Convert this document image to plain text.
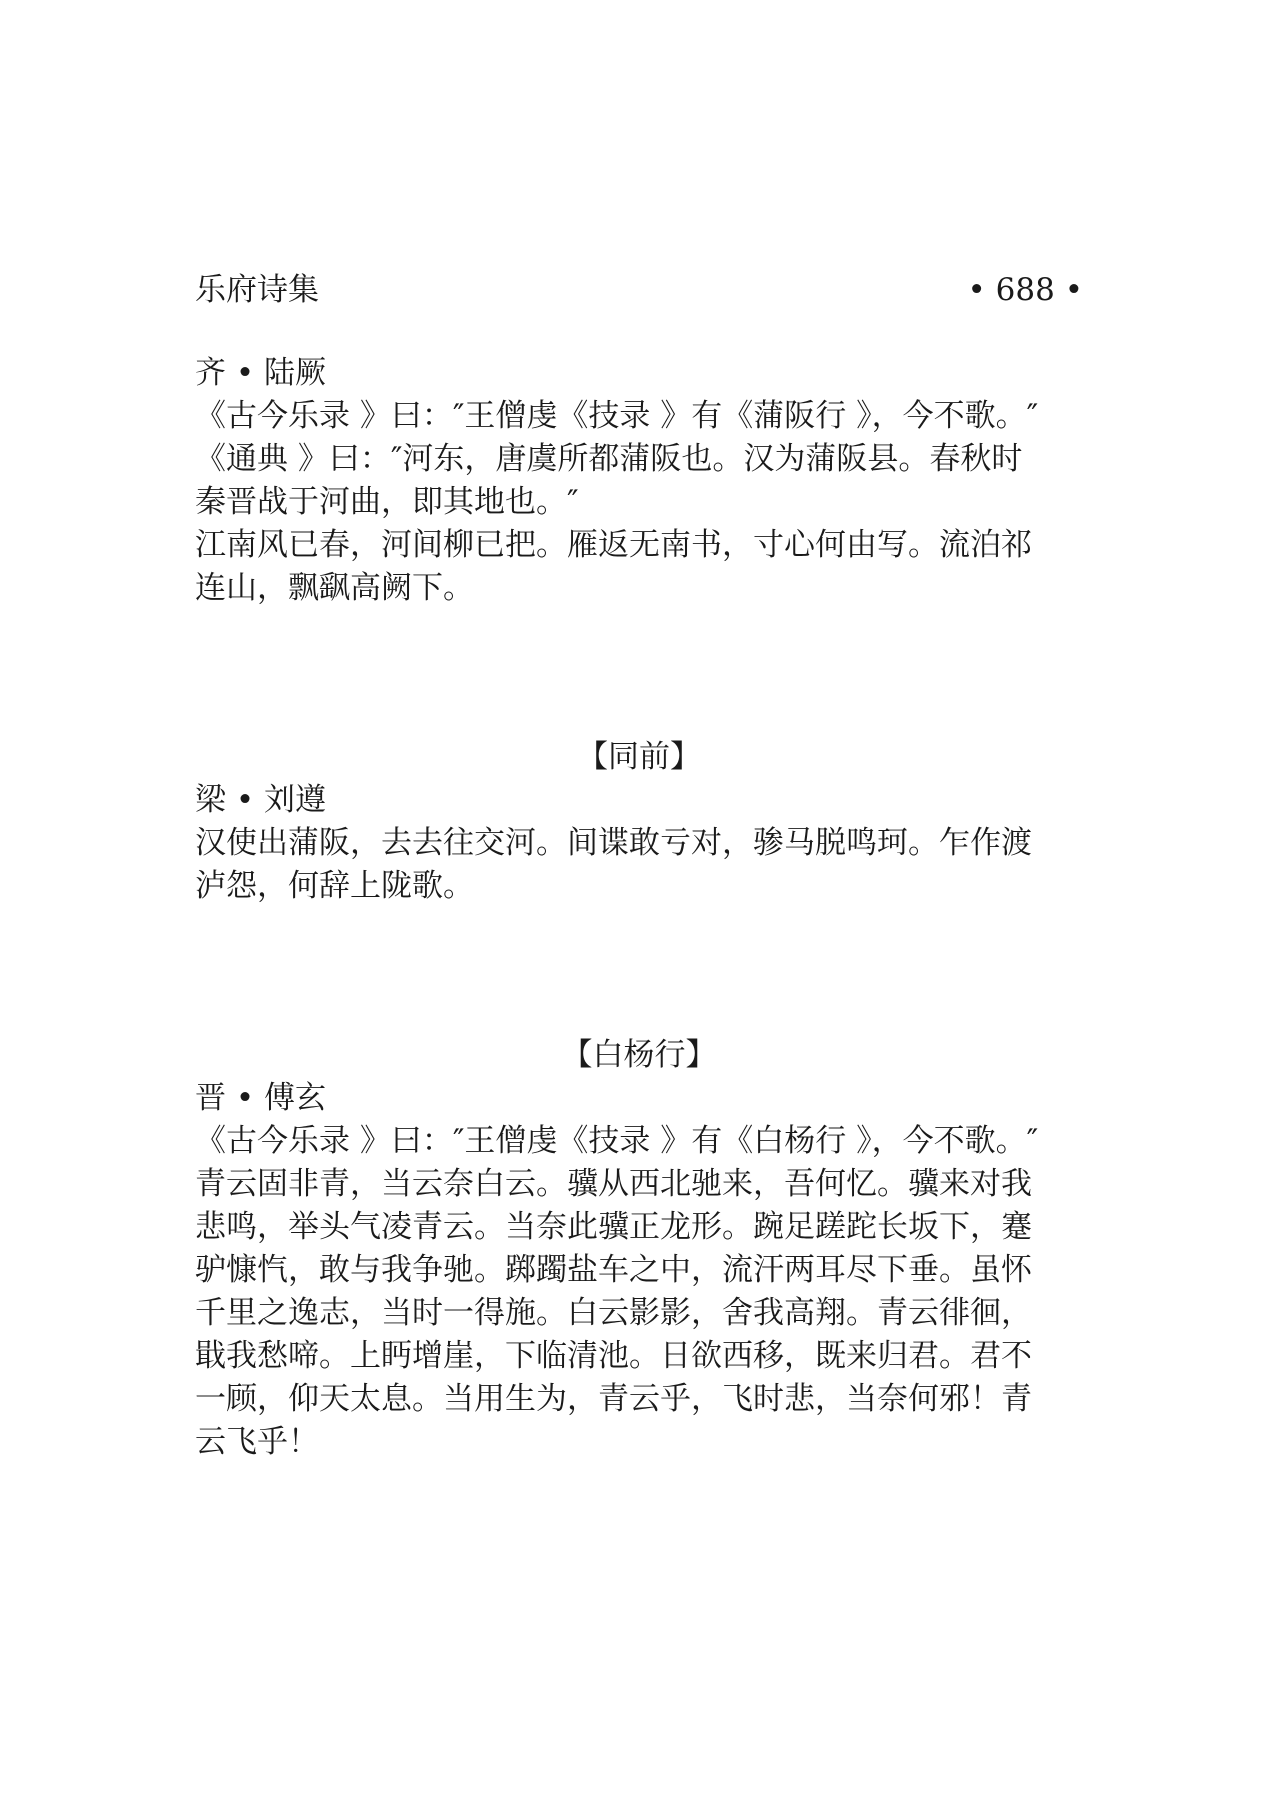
乐府诗集	• 688 •

齐 • 陆厥

《古今乐录 》曰：″王僧虔《技录 》有《蒲阪行 》，今不歌。″
《通典 》曰：″河东，唐虞所都蒲阪也。汉为蒲阪县。春秋时
秦晋战于河曲，即其地也。″

江南风已春，河间柳已把。雁返无南书，寸心何由写。流泊祁
连山，飘飖高阙下。

【同前】

梁 • 刘遵

汉使出蒲阪，去去往交河。间谍敢亏对，骖马脱鸣珂。乍作渡
泸怨，何辞上陇歌。

【白杨行】

晋 • 傅玄

《古今乐录 》曰：″王僧虔《技录 》有《白杨行 》，今不歌。″

青云固非青，当云奈白云。骥从西北驰来，吾何忆。骥来对我
悲鸣，举头气凌青云。当奈此骥正龙形。踠足蹉跎长坂下，蹇
驴慷忾，敢与我争驰。踯躅盐车之中，流汗两耳尽下垂。虽怀
千里之逸志，当时一得施。白云影影，舍我高翔。青云徘徊，
戢我愁啼。上眄增崖，下临清池。日欲西移，既来归君。君不
一顾，仰天太息。当用生为，青云乎，飞时悲，当奈何邪！青
云飞乎！
